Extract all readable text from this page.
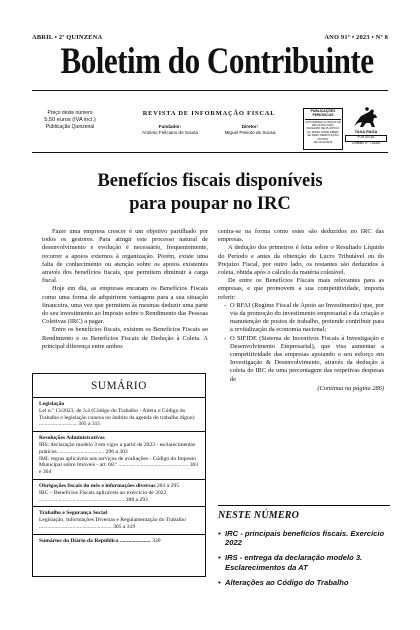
ABRIL • 2ª QUINZENA	ANO 91º • 2023 • Nº 8
Boletim do Contribuinte
Preço deste número
5,50 euros (IVA incl.)
Publicação Quinzenal
REVISTA DE INFORMAÇÃO FISCAL
Fundador:
António Feliciano de Sousa
Diretor:
Miguel Peixoto de Sousa
PUBLICAÇÕES PERIÓDICAS
AUTORIZADO A CIRCULAR EM INVÓLUCRO FECHADO DE PLÁSTICO OU PAPEL PODE ABRIR-SE PARA VERIFICAÇÃO POSTAL
DE 01/01/2016
TAXA PAGA
PORTUGAL
Contrato n.º 716369
Benefícios fiscais disponíveis
para poupar no IRC

Fazer uma empresa crescer é um objetivo partilhado por todos os gestores. Para atingir este processo natural de desenvolvimento e evolução é necessário, frequentemente, recorrer a apoios externos à organização. Porém, existe uma falta de conhecimento ou atenção sobre os apoios existentes através dos benefícios fiscais, que permitem diminuir a carga fiscal.

Hoje em dia, as empresas encaram os Benefícios Fiscais como uma forma de adquirirem vantagens para a sua situação financeira, uma vez que permitem às mesmas deduzir uma parte do seu investimento ao Imposto sobre o Rendimento das Pessoas Coletivas (IRC) a pagar.

Entre os benefícios fiscais, existem os Benefícios Fiscais ao Rendimento e os Benefícios Fiscais de Dedução à Coleta. A principal diferença entre ambos

centra-se na forma como estes são deduzidos no IRC das empresas.

A dedução dos primeiros é feita sobre o Resultado Líquido do Período e antes da obtenção do Lucro Tributável ou do Prejuízo Fiscal, por outro lado, os restantes são deduzidos à coleta, obtida após o cálculo da matéria coletável.

De entre os Benefícios Fiscais mais relevantes para as empresas, e que promovem a sua competitividade, importa referir:

- O RFAI (Regime Fiscal de Apoio ao Investimento) que, por via da promoção do investimento empresarial e da criação e manutenção de postos de trabalho, pretende contribuir para a revitalização da economia nacional;

- O SIFIDE (Sistema de Incentivos Fiscais à Investigação e Desenvolvimento Empresarial), que visa aumentar a competitividade das empresas apoiando o seu esforço em Investigação & Desenvolvimento, através da dedução à coleta do IRC de uma percentagem das respetivas despesas de

(Continua na página 286)

SUMÁRIO
Legislação
Lei n.º 13/2023, de 3.4 (Código do Trabalho - Altera o Código do Trabalho e legislação conexa no âmbito da agenda do trabalho digno) ........................... 305 a 315
Resoluções Administrativas
IRS: declaração modelo 3 em vigor a partir de 2023 - esclarecimentos práticos ................................. 296 a 303
IMI: regras aplicáveis aos serviços de avaliações - Código do Imposto Municipal sobre Imóveis - art. 68.º .................................................. 303 e 304
Obrigações fiscais do mês e informações diversas 283 a 295
IRC – Benefícios Fiscais aplicáveis ao exercício de 2022 ............................................................. 288 a 293
Trabalho e Segurança Social
Legislação, Informações Diversas e Regulamentação do Trabalho .................................................... 305 a 319
Sumários do Diário da República ...................... 320
NESTE NÚMERO
• IRC - principais benefícios fiscais. Exercício 2022
• IRS - entrega da declaração modelo 3. Esclarecimentos da AT
• Alterações ao Código do Trabalho
